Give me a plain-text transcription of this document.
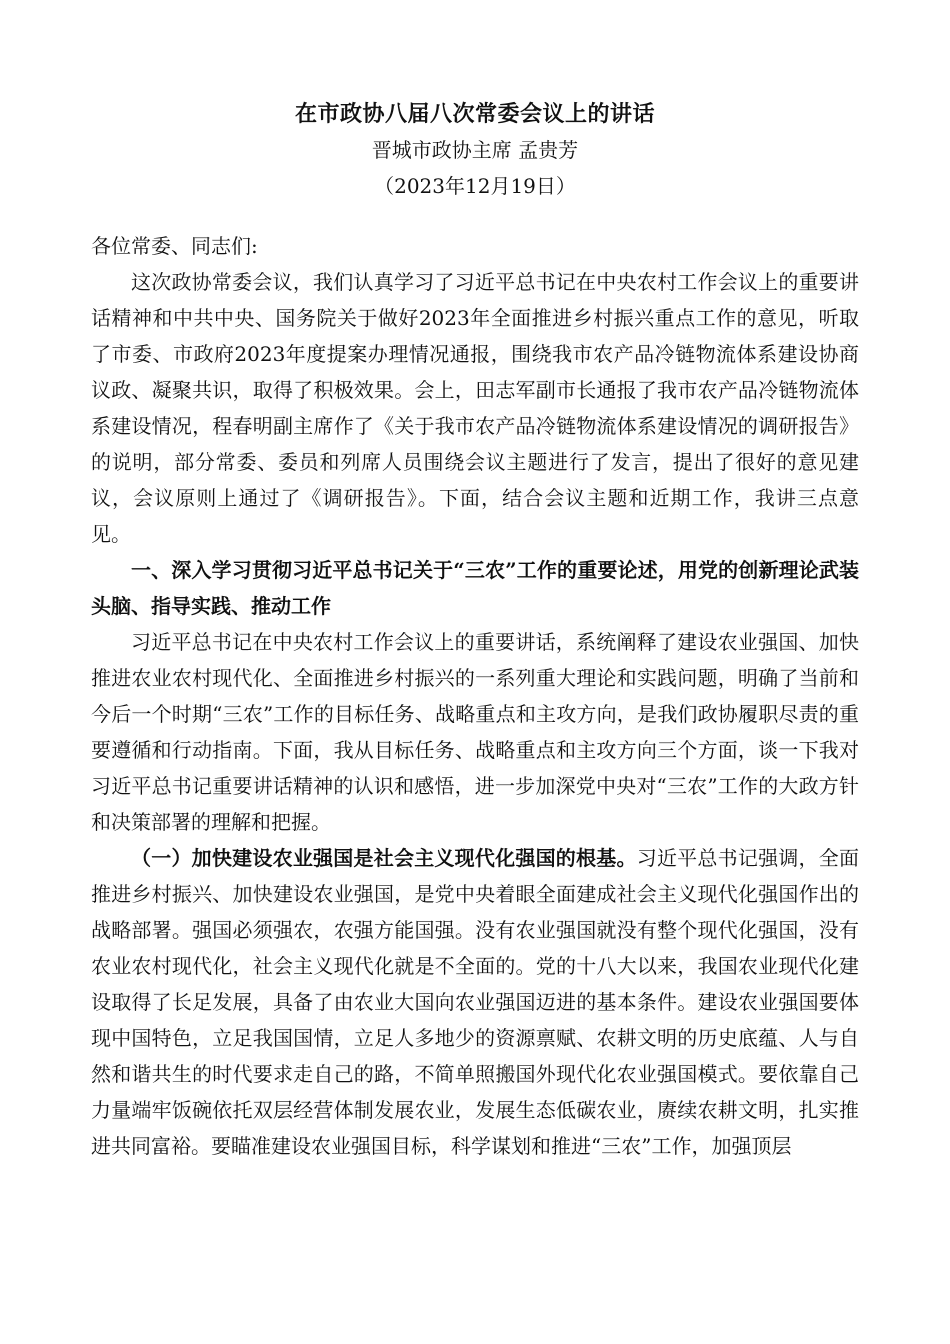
在市政协八届八次常委会议上的讲话

晋城市政协主席 孟贵芳

（2023年12月19日）

各位常委、同志们:

这次政协常委会议，我们认真学习了习近平总书记在中央农村工作会议上的重要讲话精神和中共中央、国务院关于做好2023年全面推进乡村振兴重点工作的意见，听取了市委、市政府2023年度提案办理情况通报，围绕我市农产品冷链物流体系建设协商议政、凝聚共识，取得了积极效果。会上，田志军副市长通报了我市农产品冷链物流体系建设情况，程春明副主席作了《关于我市农产品冷链物流体系建设情况的调研报告》的说明，部分常委、委员和列席人员围绕会议主题进行了发言，提出了很好的意见建议，会议原则上通过了《调研报告》。下面，结合会议主题和近期工作，我讲三点意见。

一、深入学习贯彻习近平总书记关于“三农”工作的重要论述，用党的创新理论武装头脑、指导实践、推动工作

习近平总书记在中央农村工作会议上的重要讲话，系统阐释了建设农业强国、加快推进农业农村现代化、全面推进乡村振兴的一系列重大理论和实践问题，明确了当前和今后一个时期“三农”工作的目标任务、战略重点和主攻方向，是我们政协履职尽责的重要遵循和行动指南。下面，我从目标任务、战略重点和主攻方向三个方面，谈一下我对习近平总书记重要讲话精神的认识和感悟，进一步加深党中央对“三农”工作的大政方针和决策部署的理解和把握。

（一）加快建设农业强国是社会主义现代化强国的根基。习近平总书记强调，全面推进乡村振兴、加快建设农业强国，是党中央着眼全面建成社会主义现代化强国作出的战略部署。强国必须强农，农强方能国强。没有农业强国就没有整个现代化强国，没有农业农村现代化，社会主义现代化就是不全面的。党的十八大以来，我国农业现代化建设取得了长足发展，具备了由农业大国向农业强国迈进的基本条件。建设农业强国要体现中国特色，立足我国国情，立足人多地少的资源禀赋、农耕文明的历史底蕴、人与自然和谐共生的时代要求走自己的路，不简单照搬国外现代化农业强国模式。要依靠自己力量端牢饭碗依托双层经营体制发展农业，发展生态低碳农业，赓续农耕文明，扎实推进共同富裕。要瞄准建设农业强国目标，科学谋划和推进“三农”工作，加强顶层
